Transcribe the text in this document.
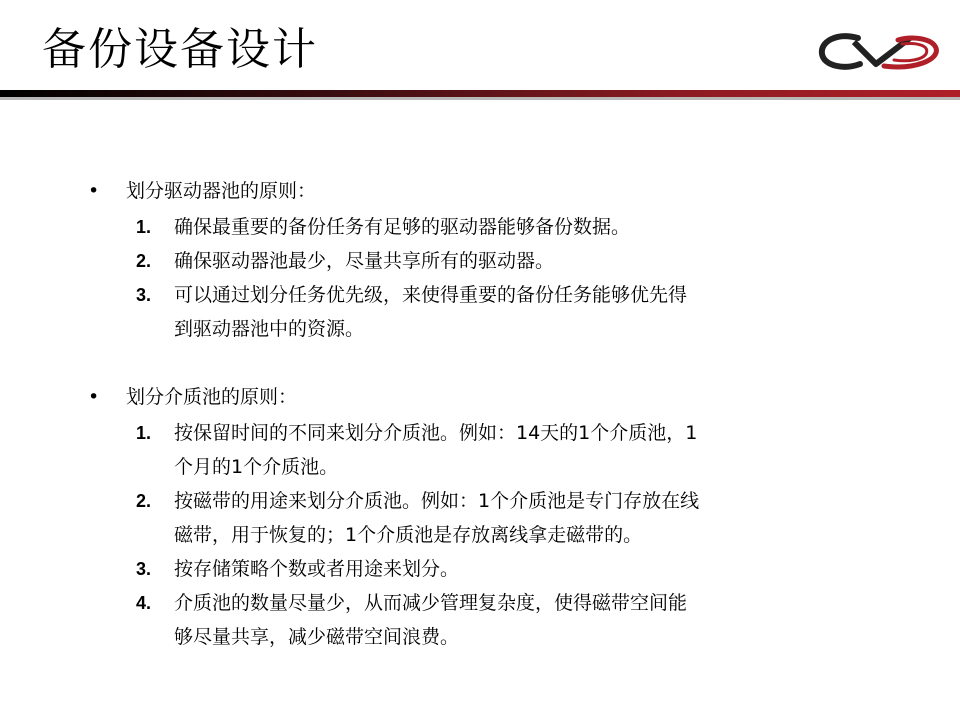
备份设备设计
• 划分驱动器池的原则：
1. 确保最重要的备份任务有足够的驱动器能够备份数据。
2. 确保驱动器池最少，尽量共享所有的驱动器。
3. 可以通过划分任务优先级，来使得重要的备份任务能够优先得
到驱动器池中的资源。
• 划分介质池的原则：
1. 按保留时间的不同来划分介质池。例如：14天的1个介质池，1
个月的1个介质池。
2. 按磁带的用途来划分介质池。例如：1个介质池是专门存放在线
磁带，用于恢复的；1个介质池是存放离线拿走磁带的。
3. 按存储策略个数或者用途来划分。
4. 介质池的数量尽量少，从而减少管理复杂度，使得磁带空间能
够尽量共享，减少磁带空间浪费。
